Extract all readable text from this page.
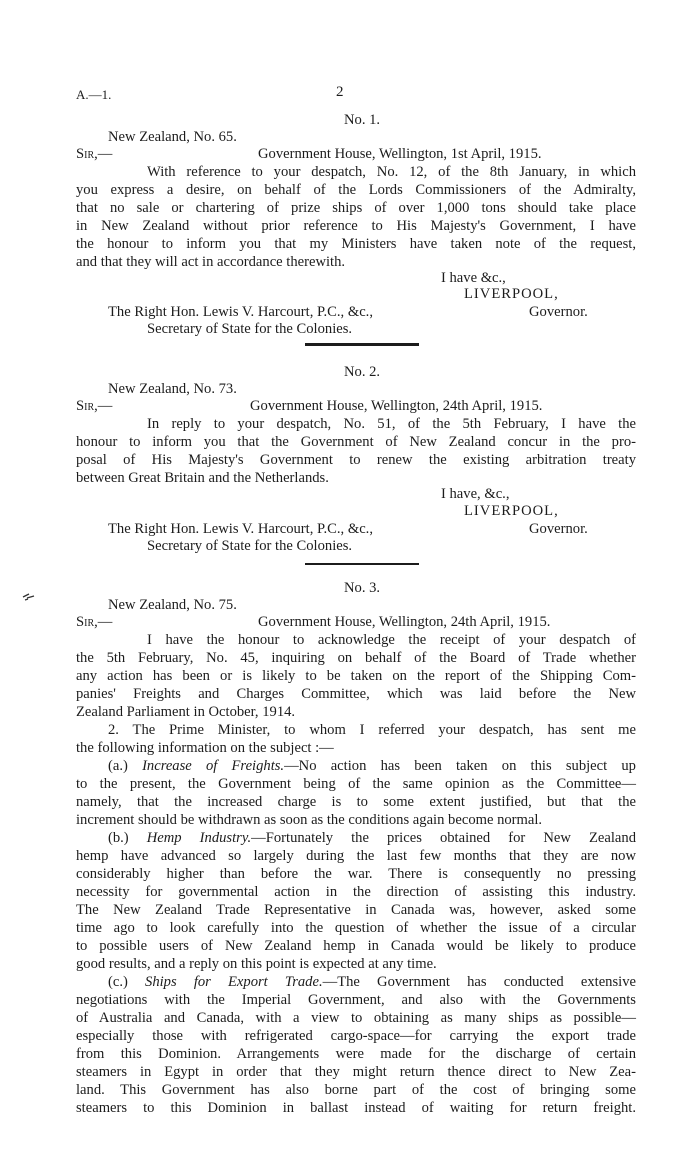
A.—1.	2
No. 1.
New Zealand, No. 65.
Sir,—	Government House, Wellington, 1st April, 1915.
With reference to your despatch, No. 12, of the 8th January, in which
you express a desire, on behalf of the Lords Commissioners of the Admiralty,
that no sale or chartering of prize ships of over 1,000 tons should take place
in New Zealand without prior reference to His Majesty's Government, I have
the honour to inform you that my Ministers have taken note of the request,
and that they will act in accordance therewith.
I have &c.,
LIVERPOOL,
The Right Hon. Lewis V. Harcourt, P.C., &c.,	Governor.
Secretary of State for the Colonies.
No. 2.
New Zealand, No. 73.
Sir,—	Government House, Wellington, 24th April, 1915.
In reply to your despatch, No. 51, of the 5th February, I have the
honour to inform you that the Government of New Zealand concur in the pro-
posal of His Majesty's Government to renew the existing arbitration treaty
between Great Britain and the Netherlands.
I have, &c.,
LIVERPOOL,
The Right Hon. Lewis V. Harcourt, P.C., &c.,	Governor.
Secretary of State for the Colonies.
No. 3.
New Zealand, No. 75.
Sir,—	Government House, Wellington, 24th April, 1915.
I have the honour to acknowledge the receipt of your despatch of
the 5th February, No. 45, inquiring on behalf of the Board of Trade whether
any action has been or is likely to be taken on the report of the Shipping Com-
panies' Freights and Charges Committee, which was laid before the New
Zealand Parliament in October, 1914.
2. The Prime Minister, to whom I referred your despatch, has sent me
the following information on the subject :—
(a.) Increase of Freights.—No action has been taken on this subject up
to the present, the Government being of the same opinion as the Committee—
namely, that the increased charge is to some extent justified, but that the
increment should be withdrawn as soon as the conditions again become normal.
(b.) Hemp Industry.—Fortunately the prices obtained for New Zealand
hemp have advanced so largely during the last few months that they are now
considerably higher than before the war. There is consequently no pressing
necessity for governmental action in the direction of assisting this industry.
The New Zealand Trade Representative in Canada was, however, asked some
time ago to look carefully into the question of whether the issue of a circular
to possible users of New Zealand hemp in Canada would be likely to produce
good results, and a reply on this point is expected at any time.
(c.) Ships for Export Trade.—The Government has conducted extensive
negotiations with the Imperial Government, and also with the Governments
of Australia and Canada, with a view to obtaining as many ships as possible—
especially those with refrigerated cargo-space—for carrying the export trade
from this Dominion. Arrangements were made for the discharge of certain
steamers in Egypt in order that they might return thence direct to New Zea-
land. This Government has also borne part of the cost of bringing some
steamers to this Dominion in ballast instead of waiting for return freight.
